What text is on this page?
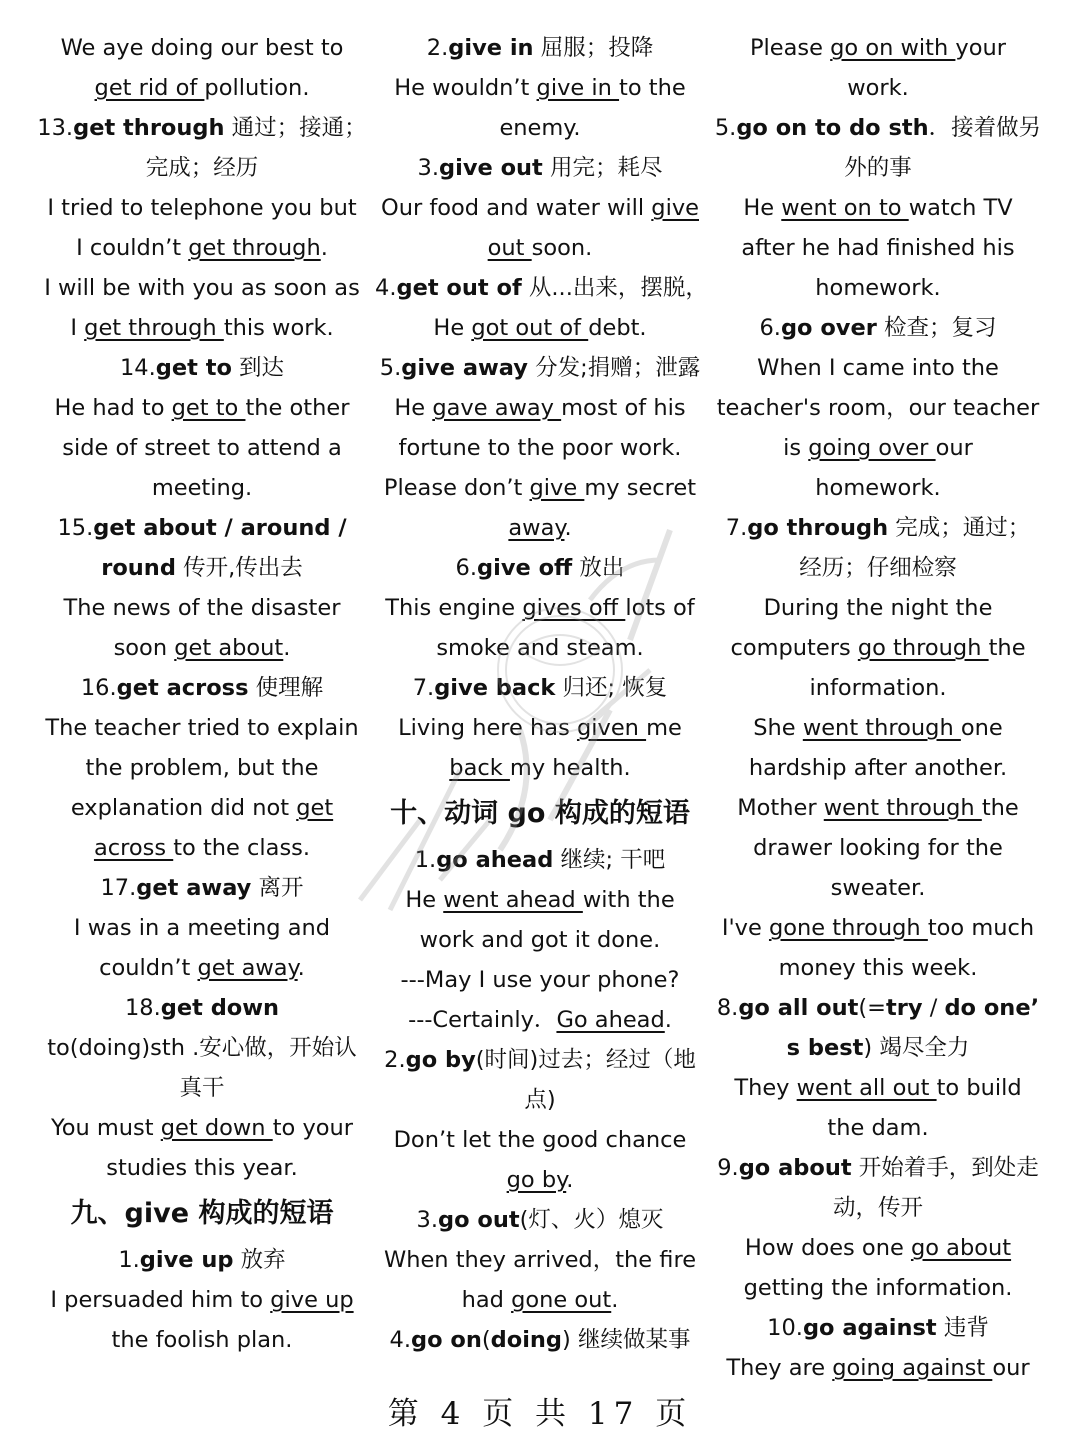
We aye doing our best to
get rid of pollution.
13.get through 通过；接通；
完成；经历
I tried to telephone you but
I couldn’t get through.
I will be with you as soon as
I get through this work.
14.get to 到达
He had to get to the other
side of street to attend a
meeting.
15.get about / around /
round 传开,传出去
The news of the disaster
soon get about.
16.get across 使理解
The teacher tried to explain
the problem, but the
explanation did not get
across to the class.
17.get away 离开
I was in a meeting and
couldn’t get away.
18.get down
to(doing)sth .安心做，开始认
真干
You must get down to your
studies this year.
九、give 构成的短语
1.give up 放弃
I persuaded him to give up
the foolish plan.
2.give in 屈服；投降
He wouldn’t give in to the
enemy.
3.give out 用完；耗尽
Our food and water will give
out soon.
4.get out of 从...出来，摆脱，
He got out of debt.
5.give away 分发;捐赠；泄露
He gave away most of his
fortune to the poor work.
Please don’t give my secret
away.
6.give off 放出
This engine gives off lots of
smoke and steam.
7.give back 归还; 恢复
Living here has given me
back my health.
十、动词 go 构成的短语
1.go ahead 继续; 干吧
He went ahead with the
work and got it done.
---May I use your phone?
---Certainly．Go ahead.
2.go by(时间)过去；经过（地
点)
Don’t let the good chance
go by.
3.go out(灯、火）熄灭
When they arrived，the fire
had gone out.
4.go on(doing) 继续做某事
Please go on with your
work.
5.go on to do sth．接着做另
外的事
He went on to watch TV
after he had finished his
homework.
6.go over 检查；复习
When I came into the
teacher's room，our teacher
is going over our
homework.
7.go through 完成；通过；
经历；仔细检察
During the night the
computers go through the
information.
She went through one
hardship after another.
Mother went through the
drawer looking for the
sweater.
I've gone through too much
money this week.
8.go all out(=try / do one’
s best) 竭尽全力
They went all out to build
the dam.
9.go about 开始着手，到处走
动，传开
How does one go about
getting the information.
10.go against 违背
They are going against our
第 4 页 共 17 页
